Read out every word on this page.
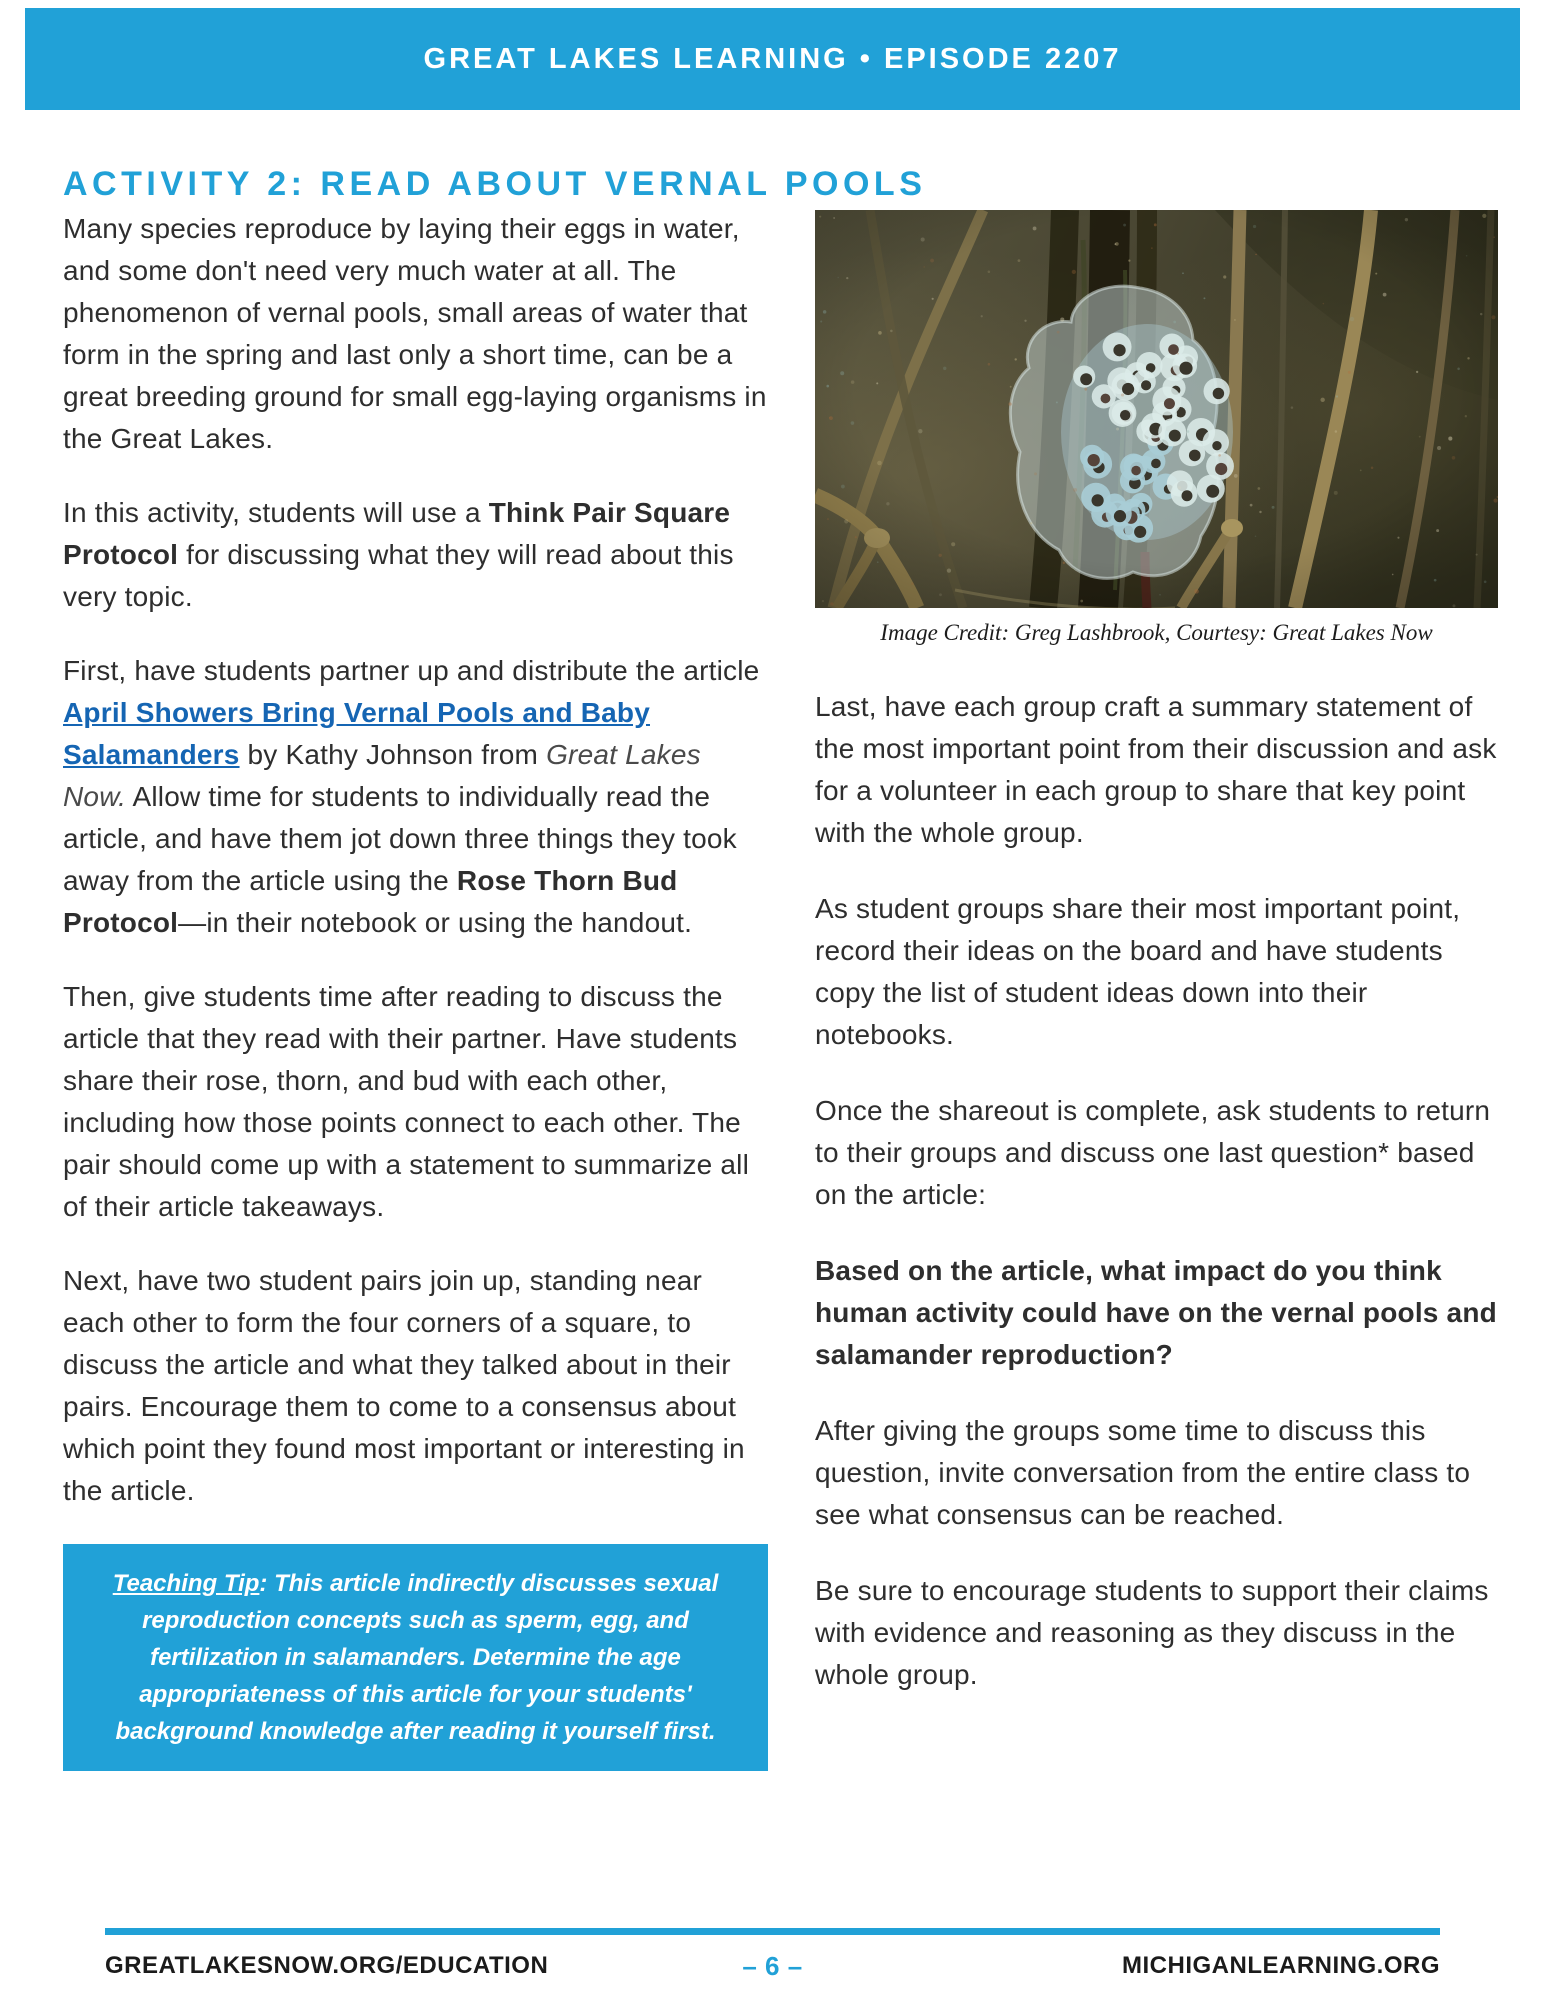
GREAT LAKES LEARNING • EPISODE 2207
ACTIVITY 2: READ ABOUT VERNAL POOLS

Many species reproduce by laying their eggs in water, and some don't need very much water at all. The phenomenon of vernal pools, small areas of water that form in the spring and last only a short time, can be a great breeding ground for small egg-laying organisms in the Great Lakes.

In this activity, students will use a Think Pair Square Protocol for discussing what they will read about this very topic.

First, have students partner up and distribute the article April Showers Bring Vernal Pools and Baby Salamanders by Kathy Johnson from Great Lakes Now. Allow time for students to individually read the article, and have them jot down three things they took away from the article using the Rose Thorn Bud Protocol—in their notebook or using the handout.

Then, give students time after reading to discuss the article that they read with their partner. Have students share their rose, thorn, and bud with each other, including how those points connect to each other. The pair should come up with a statement to summarize all of their article takeaways.

Next, have two student pairs join up, standing near each other to form the four corners of a square, to discuss the article and what they talked about in their pairs. Encourage them to come to a consensus about which point they found most important or interesting in the article.

Teaching Tip: This article indirectly discusses sexual reproduction concepts such as sperm, egg, and fertilization in salamanders. Determine the age appropriateness of this article for your students' background knowledge after reading it yourself first.
Image Credit: Greg Lashbrook, Courtesy: Great Lakes Now

Last, have each group craft a summary statement of the most important point from their discussion and ask for a volunteer in each group to share that key point with the whole group.

As student groups share their most important point, record their ideas on the board and have students copy the list of student ideas down into their notebooks.

Once the shareout is complete, ask students to return to their groups and discuss one last question* based on the article:

Based on the article, what impact do you think human activity could have on the vernal pools and salamander reproduction?

After giving the groups some time to discuss this question, invite conversation from the entire class to see what consensus can be reached.

Be sure to encourage students to support their claims with evidence and reasoning as they discuss in the whole group.

GREATLAKESNOW.ORG/EDUCATION	– 6 –	MICHIGANLEARNING.ORG
